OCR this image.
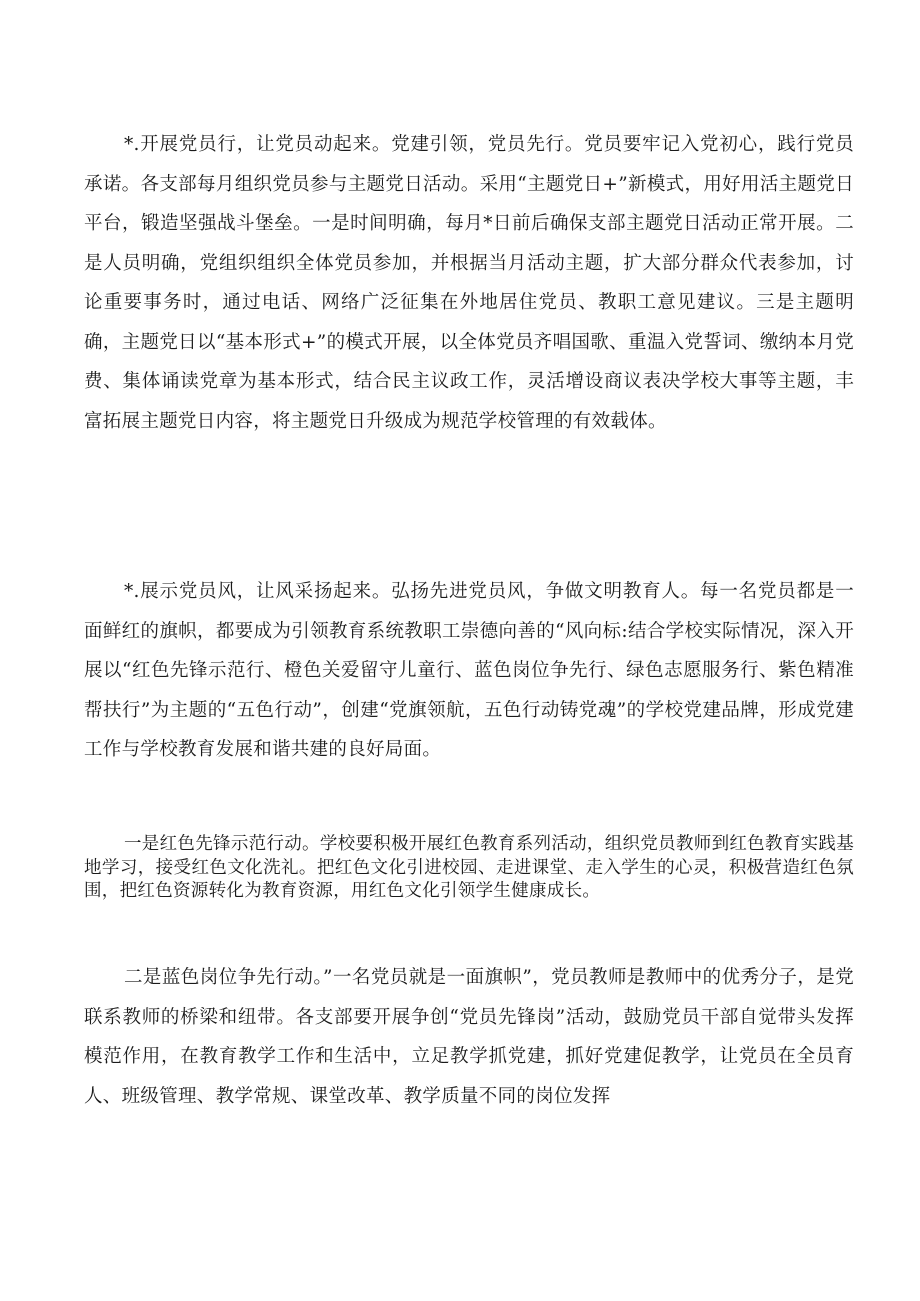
*.开展党员行，让党员动起来。党建引领，党员先行。党员要牢记入党初心，践行党员承诺。各支部每月组织党员参与主题党日活动。采用“主题党日+”新模式，用好用活主题党日平台，锻造坚强战斗堡垒。一是时间明确，每月*日前后确保支部主题党日活动正常开展。二是人员明确，党组织组织全体党员参加，并根据当月活动主题，扩大部分群众代表参加，讨论重要事务时，通过电话、网络广泛征集在外地居住党员、教职工意见建议。三是主题明确，主题党日以“基本形式+”的模式开展，以全体党员齐唱国歌、重温入党誓词、缴纳本月党费、集体诵读党章为基本形式，结合民主议政工作，灵活增设商议表决学校大事等主题，丰富拓展主题党日内容，将主题党日升级成为规范学校管理的有效载体。

*.展示党员风，让风采扬起来。弘扬先进党员风，争做文明教育人。每一名党员都是一面鲜红的旗帜，都要成为引领教育系统教职工崇德向善的“风向标:结合学校实际情况，深入开展以“红色先锋示范行、橙色关爱留守儿童行、蓝色岗位争先行、绿色志愿服务行、紫色精准帮扶行”为主题的“五色行动”，创建“党旗领航，五色行动铸党魂”的学校党建品牌，形成党建工作与学校教育发展和谐共建的良好局面。

一是红色先锋示范行动。学校要积极开展红色教育系列活动，组织党员教师到红色教育实践基地学习，接受红色文化洗礼。把红色文化引进校园、走进课堂、走入学生的心灵，积极营造红色氛围，把红色资源转化为教育资源，用红色文化引领学生健康成长。

二是蓝色岗位争先行动。”一名党员就是一面旗帜”，党员教师是教师中的优秀分子，是党联系教师的桥梁和纽带。各支部要开展争创“党员先锋岗”活动，鼓励党员干部自觉带头发挥模范作用，在教育教学工作和生活中，立足教学抓党建，抓好党建促教学，让党员在全员育人、班级管理、教学常规、课堂改革、教学质量不同的岗位发挥
